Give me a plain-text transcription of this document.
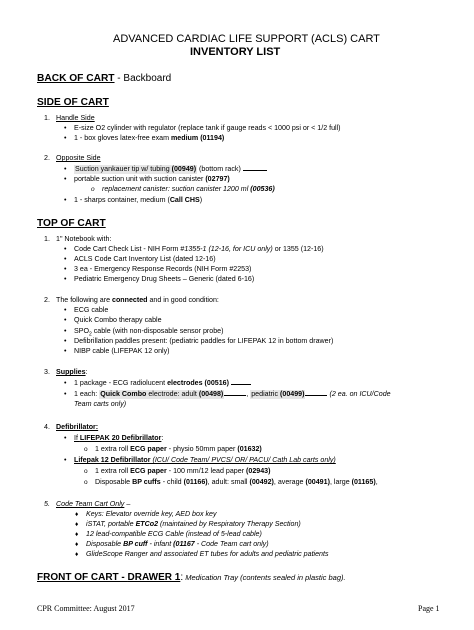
ADVANCED CARDIAC LIFE SUPPORT (ACLS) CART
INVENTORY LIST
BACK OF CART - Backboard
SIDE OF CART
1. Handle Side
• E-size O2 cylinder with regulator (replace tank if gauge reads < 1000 psi or < 1/2 full)
• 1 - box gloves latex-free exam medium (01194)
2. Opposite Side
• Suction yankauer tip w/ tubing (00949) (bottom rack)
• portable suction unit with suction canister (02797)
o replacement canister: suction canister 1200 ml (00536)
• 1 - sharps container, medium (Call CHS)
TOP OF CART
1. 1" Notebook with:
• Code Cart Check List - NIH Form #1355-1 (12-16, for ICU only) or 1355 (12-16)
• ACLS Code Cart Inventory List (dated 12-16)
• 3 ea - Emergency Response Records (NIH Form #2253)
• Pediatric Emergency Drug Sheets – Generic (dated 6-16)
2. The following are connected and in good condition:
• ECG cable
• Quick Combo therapy cable
• $SPO_2$ cable (with non-disposable sensor probe)
• Defibrillation paddles present: (pediatric paddles for LIFEPAK 12 in bottom drawer)
• NIBP cable (LIFEPAK 12 only)
3. Supplies:
• 1 package - ECG radiolucent electrodes (00516)
• 1 each: Quick Combo electrode: adult (00498)	, pediatric (00499)	(2 ea. on ICU/Code
Team carts only)
4. Defibrillator:
• If LIFEPAK 20 Defibrillator:
o 1 extra roll ECG paper - physio 50mm paper (01632)
• Lifepak 12 Defibrillator (ICU/ Code Team/ PVCS/ OR/ PACU/ Cath Lab carts only)
o 1 extra roll ECG paper - 100 mm/12 lead paper (02943)
o Disposable BP cuffs - child (01166), adult: small (00492), average (00491), large (01165),
5. Code Team Cart Only –
♦ Keys: Elevator override key, AED box key
♦ iSTAT, portable ETCo2 (maintained by Respiratory Therapy Section)
♦ 12 lead-compatible ECG Cable (instead of 5-lead cable)
♦ Disposable BP cuff - infant (01167 - Code Team cart only)
♦ GlideScope Ranger and associated ET tubes for adults and pediatric patients
FRONT OF CART - DRAWER 1: Medication Tray (contents sealed in plastic bag).
CPR Committee: August 2017	Page 1
